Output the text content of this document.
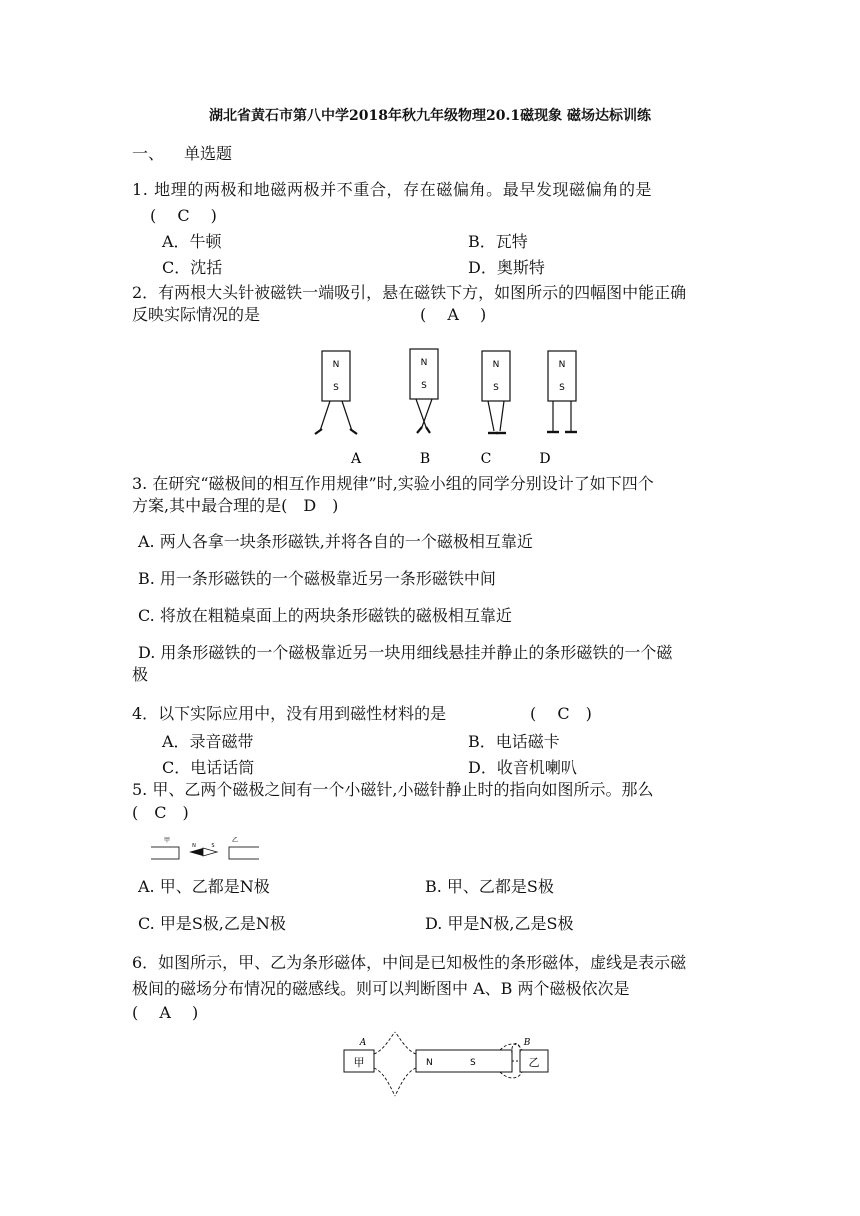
湖北省黄石市第八中学2018年秋九年级物理20.1磁现象 磁场达标训练
一、 单选题
1. 地理的两极和地磁两极并不重合，存在磁偏角。最早发现磁偏角的是
(　 C　 )
A．牛顿	B．瓦特
C．沈括	D．奥斯特
2．有两根大头针被磁铁一端吸引，悬在磁铁下方，如图所示的四幅图中能正确
反映实际情况的是	(　 A　 )
N
S
N
S
N
S
N
S
A	B	C	D
3. 在研究“磁极间的相互作用规律”时,实验小组的同学分别设计了如下四个
方案,其中最合理的是(　D　)
A. 两人各拿一块条形磁铁,并将各自的一个磁极相互靠近
B. 用一条形磁铁的一个磁极靠近另一条形磁铁中间
C. 将放在粗糙桌面上的两块条形磁铁的磁极相互靠近
D. 用条形磁铁的一个磁极靠近另一块用细线悬挂并静止的条形磁铁的一个磁
极
4．以下实际应用中，没有用到磁性材料的是	(　 C　)
A．录音磁带	B．电话磁卡
C．电话话筒	D．收音机喇叭
5. 甲、乙两个磁极之间有一个小磁针,小磁针静止时的指向如图所示。那么
(　C　)
甲	乙
N	S
A. 甲、乙都是N极	B. 甲、乙都是S极
C. 甲是S极,乙是N极	D. 甲是N极,乙是S极
6．如图所示，甲、乙为条形磁体，中间是已知极性的条形磁体，虚线是表示磁
极间的磁场分布情况的磁感线。则可以判断图中 A、B 两个磁极依次是
(　 A　 )
A	B
甲	N	S	乙
